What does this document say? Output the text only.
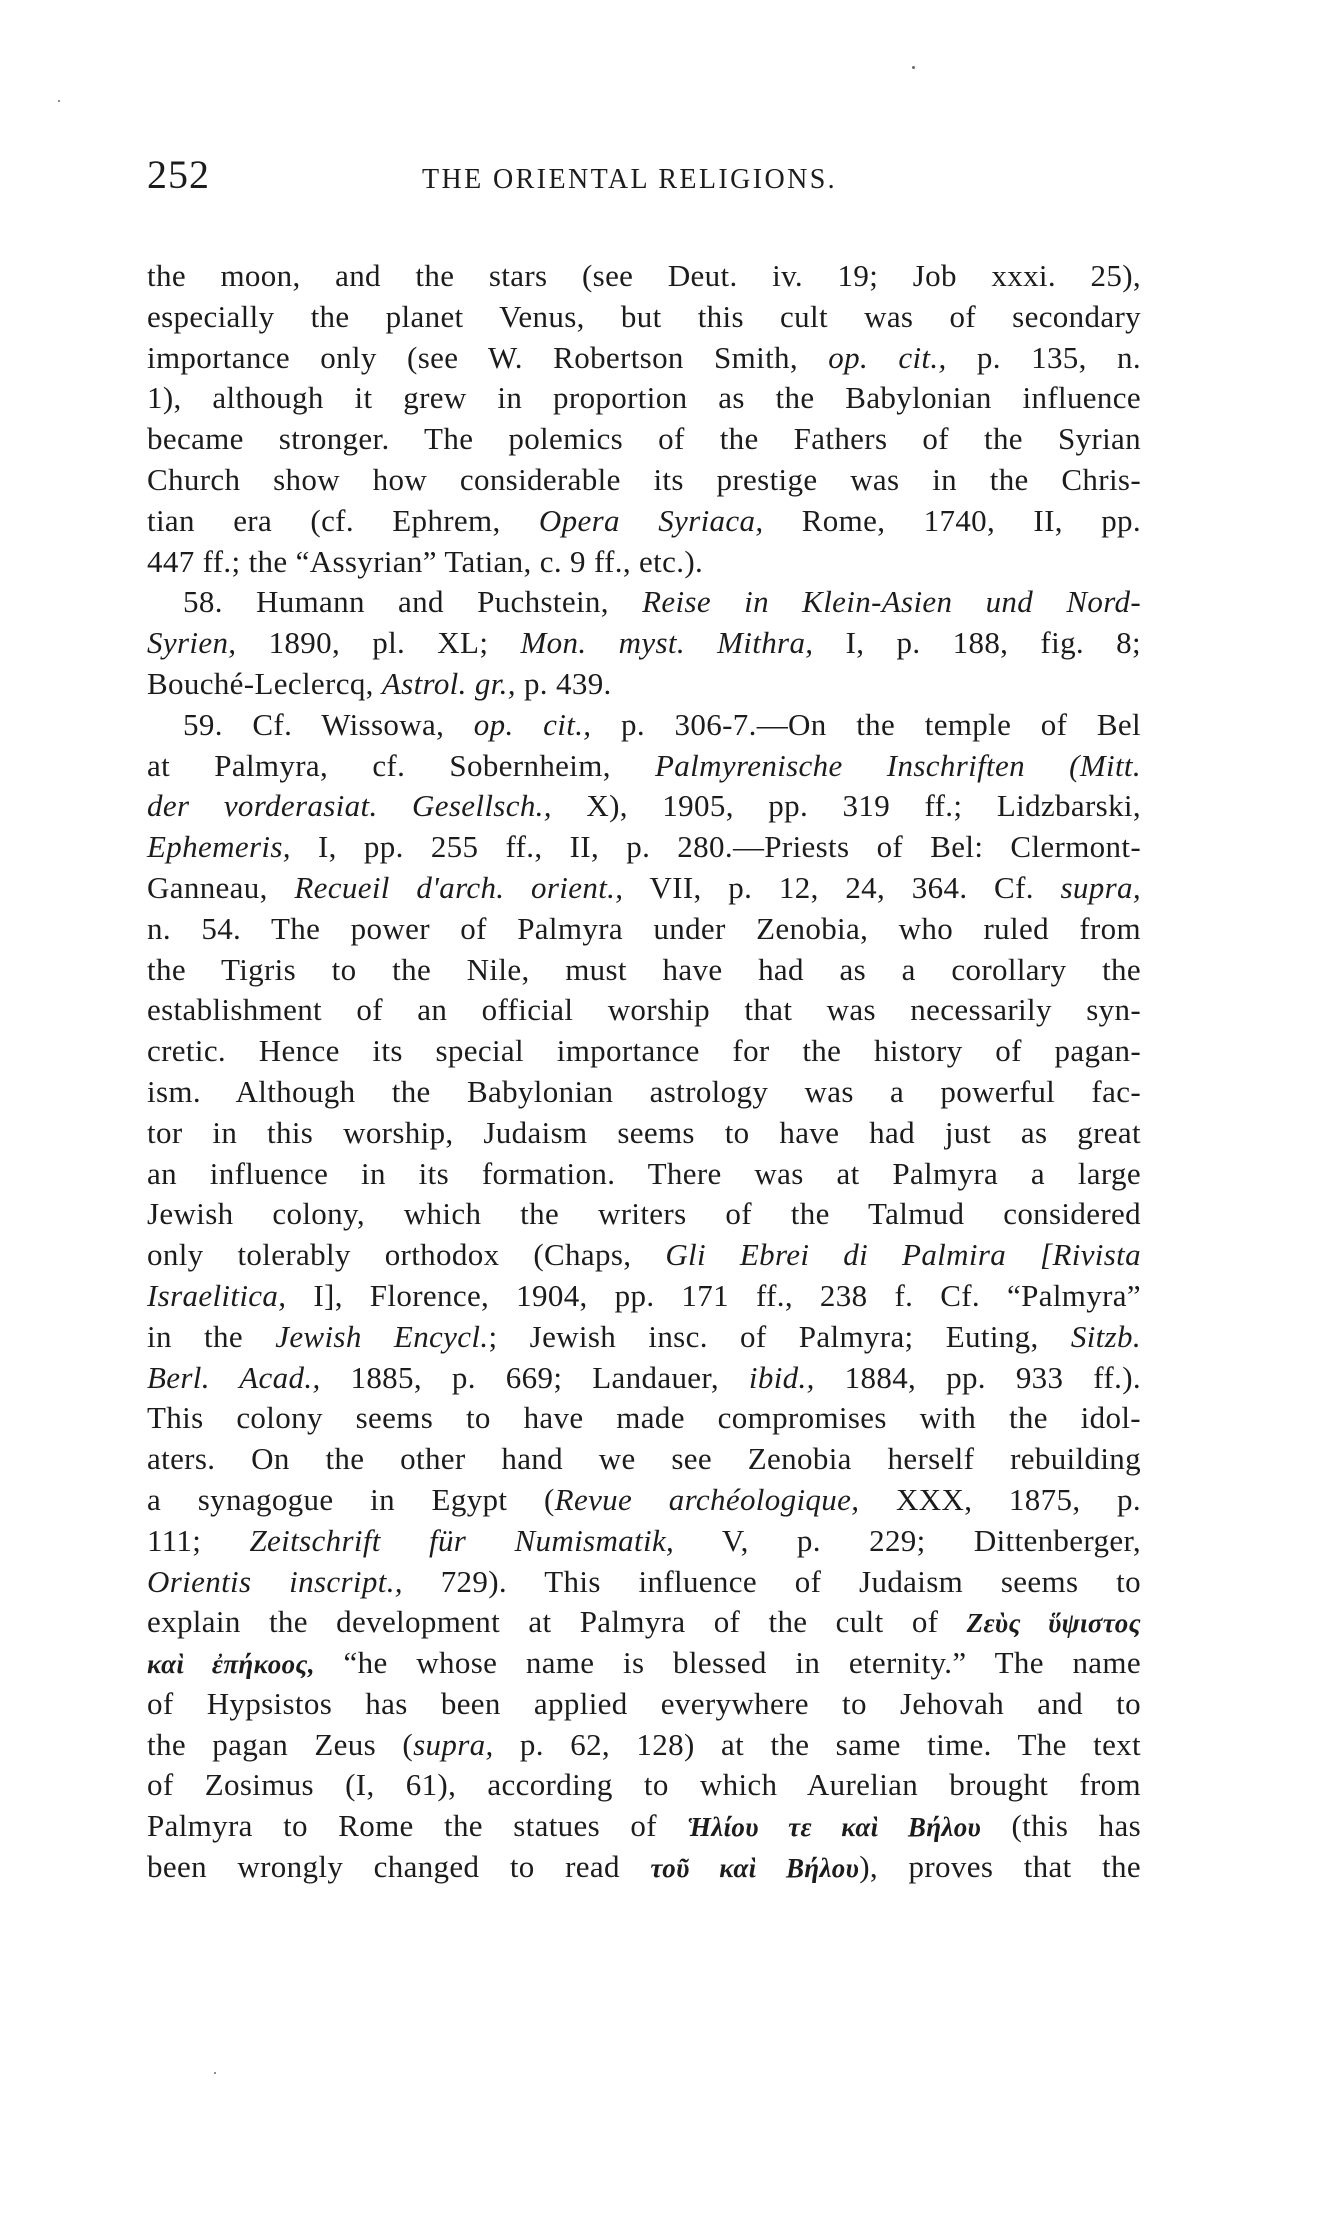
252	THE ORIENTAL RELIGIONS.
the moon, and the stars (see Deut. iv. 19; Job xxxi. 25),
especially the planet Venus, but this cult was of secondary
importance only (see W. Robertson Smith, op. cit., p. 135, n.
1), although it grew in proportion as the Babylonian influence
became stronger. The polemics of the Fathers of the Syrian
Church show how considerable its prestige was in the Chris-
tian era (cf. Ephrem, Opera Syriaca, Rome, 1740, II, pp.
447 ff.; the “Assyrian” Tatian, c. 9 ff., etc.).
58. Humann and Puchstein, Reise in Klein-Asien und Nord-
Syrien, 1890, pl. XL; Mon. myst. Mithra, I, p. 188, fig. 8;
Bouché-Leclercq, Astrol. gr., p. 439.
59. Cf. Wissowa, op. cit., p. 306-7.—On the temple of Bel
at Palmyra, cf. Sobernheim, Palmyrenische Inschriften (Mitt.
der vorderasiat. Gesellsch., X), 1905, pp. 319 ff.; Lidzbarski,
Ephemeris, I, pp. 255 ff., II, p. 280.—Priests of Bel: Clermont-
Ganneau, Recueil d'arch. orient., VII, p. 12, 24, 364. Cf. supra,
n. 54. The power of Palmyra under Zenobia, who ruled from
the Tigris to the Nile, must have had as a corollary the
establishment of an official worship that was necessarily syn-
cretic. Hence its special importance for the history of pagan-
ism. Although the Babylonian astrology was a powerful fac-
tor in this worship, Judaism seems to have had just as great
an influence in its formation. There was at Palmyra a large
Jewish colony, which the writers of the Talmud considered
only tolerably orthodox (Chaps, Gli Ebrei di Palmira [Rivista
Israelitica, I], Florence, 1904, pp. 171 ff., 238 f. Cf. “Palmyra”
in the Jewish Encycl.; Jewish insc. of Palmyra; Euting, Sitzb.
Berl. Acad., 1885, p. 669; Landauer, ibid., 1884, pp. 933 ff.).
This colony seems to have made compromises with the idol-
aters. On the other hand we see Zenobia herself rebuilding
a synagogue in Egypt (Revue archéologique, XXX, 1875, p.
111; Zeitschrift für Numismatik, V, p. 229; Dittenberger,
Orientis inscript., 729). This influence of Judaism seems to
explain the development at Palmyra of the cult of Ζεὺς ὕψιστος
καὶ ἐπήκοος, “he whose name is blessed in eternity.” The name
of Hypsistos has been applied everywhere to Jehovah and to
the pagan Zeus (supra, p. 62, 128) at the same time. The text
of Zosimus (I, 61), according to which Aurelian brought from
Palmyra to Rome the statues of Ἡλίου τε καὶ Βήλου (this has
been wrongly changed to read τοῦ καὶ Βήλου), proves that the
